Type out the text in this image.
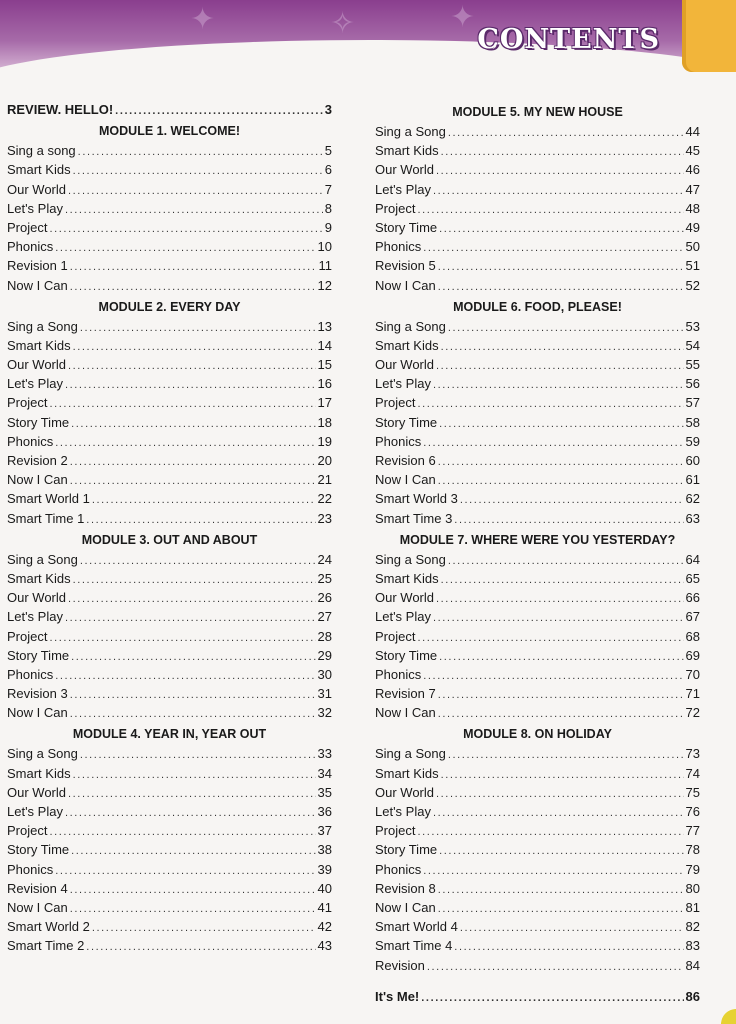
✦	✧	✦
CONTENTS
REVIEW. HELLO! .....	3
MODULE 1. WELCOME!
Sing a song .....	5
Smart Kids .....	6
Our World .....	7
Let's Play .....	8
Project .....	9
Phonics .....	10
Revision 1 .....	11
Now I Can .....	12
MODULE 2. EVERY DAY
Sing a Song .....	13
Smart Kids .....	14
Our World .....	15
Let's Play .....	16
Project .....	17
Story Time .....	18
Phonics .....	19
Revision 2 .....	20
Now I Can .....	21
Smart World 1 .....	22
Smart Time 1 .....	23
MODULE 3. OUT AND ABOUT
Sing a Song .....	24
Smart Kids .....	25
Our World .....	26
Let's Play .....	27
Project .....	28
Story Time .....	29
Phonics .....	30
Revision 3 .....	31
Now I Can .....	32
MODULE 4. YEAR IN, YEAR OUT
Sing a Song .....	33
Smart Kids .....	34
Our World .....	35
Let's Play .....	36
Project .....	37
Story Time .....	38
Phonics .....	39
Revision 4 .....	40
Now I Can .....	41
Smart World 2 .....	42
Smart Time 2 .....	43
MODULE 5. MY NEW HOUSE
Sing a Song .....	44
Smart Kids .....	45
Our World .....	46
Let's Play .....	47
Project .....	48
Story Time .....	49
Phonics .....	50
Revision 5 .....	51
Now I Can .....	52
MODULE 6. FOOD, PLEASE!
Sing a Song .....	53
Smart Kids .....	54
Our World .....	55
Let's Play .....	56
Project .....	57
Story Time .....	58
Phonics .....	59
Revision 6 .....	60
Now I Can .....	61
Smart World 3 .....	62
Smart Time 3 .....	63
MODULE 7. WHERE WERE YOU YESTERDAY?
Sing a Song .....	64
Smart Kids .....	65
Our World .....	66
Let's Play .....	67
Project .....	68
Story Time .....	69
Phonics .....	70
Revision 7 .....	71
Now I Can .....	72
MODULE 8. ON HOLIDAY
Sing a Song .....	73
Smart Kids .....	74
Our World .....	75
Let's Play .....	76
Project .....	77
Story Time .....	78
Phonics .....	79
Revision 8 .....	80
Now I Can .....	81
Smart World 4 .....	82
Smart Time 4 .....	83
Revision .....	84
It's Me! .....	86
